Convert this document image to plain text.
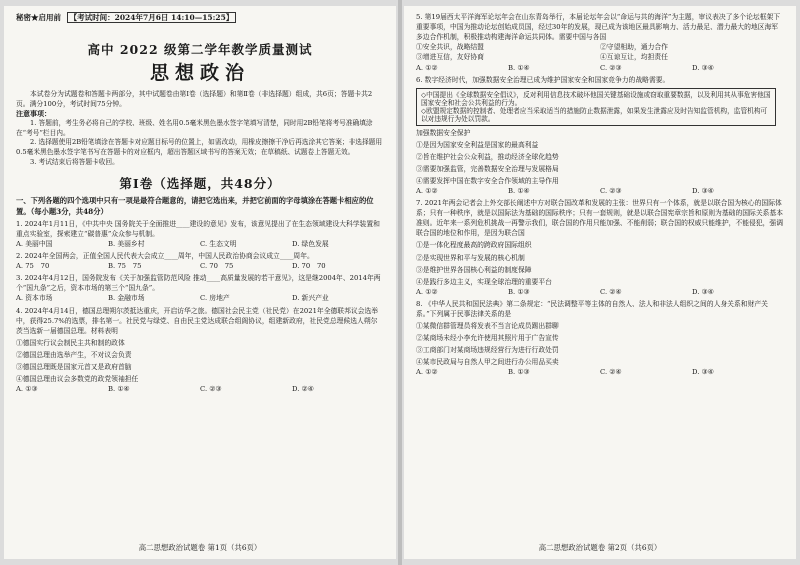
秘密★启用前 【考试时间：2024年7月6日 14:10—15:25】
高中 2022 级第二学年教学质量测试
思想政治

本试卷分为试题卷和答题卡两部分，其中试题卷由第Ⅰ卷（选择题）和第Ⅱ卷（非选择题）组成，共6页；答题卡共2页。满分100分，考试时间75分钟。

注意事项：

1. 答题前，考生务必将自己的学校、班级、姓名用0.5毫米黑色墨水签字笔填写清楚，同时用2B铅笔将考号准确填涂在“考号”栏目内。

2. 选择题使用2B铅笔填涂在答题卡对应题目标号的位置上，如需改动，用橡皮擦擦干净后再选涂其它答案；非选择题用0.5毫米黑色墨水签字笔书写在答题卡的对应框内，超出答题区域书写的答案无效；在草稿纸、试题卷上答题无效。

3. 考试结束后将答题卡收回。

第Ⅰ卷（选择题，共48分）
一、下列各题的四个选项中只有一项是最符合题意的，请把它选出来，并把它前面的字母填涂在答题卡相应的位置。（每小题3分，共48分）

1. 2024年1月11日，《中共中央 国务院关于全面推进____建设的意见》发布，该意见提出了在生态领域建设大科学装置和重点实验室，探索建立“碳普惠”众众参与机制。

A. 美丽中国	B. 美丽乡村	C. 生态文明	D. 绿色发展

2. 2024年全国两会，正值全国人民代表大会成立____周年，中国人民政治协商会议成立____周年。

A. 75　70	B. 75　75	C. 70　75	D. 70　70

3. 2024年4月12日，国务院发布《关于加强监管防范风险 推动____高质量发展的若干意见》，这是继2004年、2014年两个“国九条”之后，资本市场的第三个“国九条”。

A. 资本市场	B. 金融市场	C. 房地产	D. 新兴产业

4. 2024年4月14日，德国总理朔尔茨抵达重庆，开启访华之旅。德国社会民主党（社民党）在2021年全德联邦议会选举中，获得25.7%的选票，排名第一。社民党与绿党、自由民主党达成联合组阁协议，组建新政府，社民党总理候选人朔尔茨当选新一届德国总理。材料表明

①德国实行议会制民主共和制的政体
②德国总理由选举产生，不对议会负责
③德国总理既是国家元首又是政府首脑
④德国总理由议会多数党的政党领袖担任
A. ①③	B. ①④	C. ②③	D. ②④
高二思想政治试题卷 第1页（共6页）

5. 第19届西太平洋海军论坛年会在山东青岛举行，本届论坛年会以“命运与共的海洋”为主题，审议表决了多个论坛框架下重要事项，中国为推动论坛创始成员国，经过30年的发展，现已成为该地区最具影响力、活力最足、潜力最大的地区海军多边合作机制，积极推动构建海洋命运共同体。需要中国与各国

①安全共识，战略结盟	②守望相助，通力合作
③增进互信，友好协商	④互谅互让，均担责任
A. ①②	B. ①④	C. ②③	D. ③④

6. 数字经济时代，加强数据安全治理已成为维护国家安全和国家竞争力的战略需要。

◇中国提出《全球数据安全倡议》，反对利用信息技术破坏他国关键基础设施或窃取重要数据，以及利用其从事危害他国国家安全和社会公共利益的行为。
◇欧盟规定数据的控制者、处理者应当采取适当的措施防止数据泄露，如果发生泄露应及时告知监管机构，监管机构可以对违规行为处以罚款。
加强数据安全保护
①是因为国家安全利益是国家的最高利益
②旨在维护社会公众利益，推动经济全球化趋势
③需要加强监管，完善数据安全治理与发展格局
④需要发挥中国在数字安全合作领域的主导作用
A. ①②	B. ①④	C. ②③	D. ③④

7. 2021年两会记者会上外交部长阐述中方对联合国改革和发展的主张：世界只有一个体系，就是以联合国为核心的国际体系；只有一种秩序，就是以国际法为基础的国际秩序；只有一套规则，就是以联合国宪章宗旨和原则为基础的国际关系基本准则。近年来一系列危机挑战一再警示我们，联合国的作用只能加强、不能削弱；联合国的权威只能维护，不能侵犯，强调联合国的地位和作用，是因为联合国

①是一体化程度最高的跨政府国际组织
②是实现世界和平与发展的核心机制
③是维护世界各国核心利益的制度保障
④是践行多边主义，实现全球治理的重要平台
A. ①②	B. ①③	C. ②④	D. ③④

8. 《中华人民共和国民法典》第二条规定：“民法调整平等主体的自然人、法人和非法人组织之间的人身关系和财产关系。”下列属于民事法律关系的是

①某微信群管理员将发表不当言论成员踢出群聊
②某商场未经小李允许使用其照片用于广告宣传
③工商部门对某商场违规经营行为进行行政处罚
④某市民政局与自然人甲之间进行办公用品买卖
A. ①②	B. ①③	C. ②④	D. ③④
高二思想政治试题卷 第2页（共6页）
